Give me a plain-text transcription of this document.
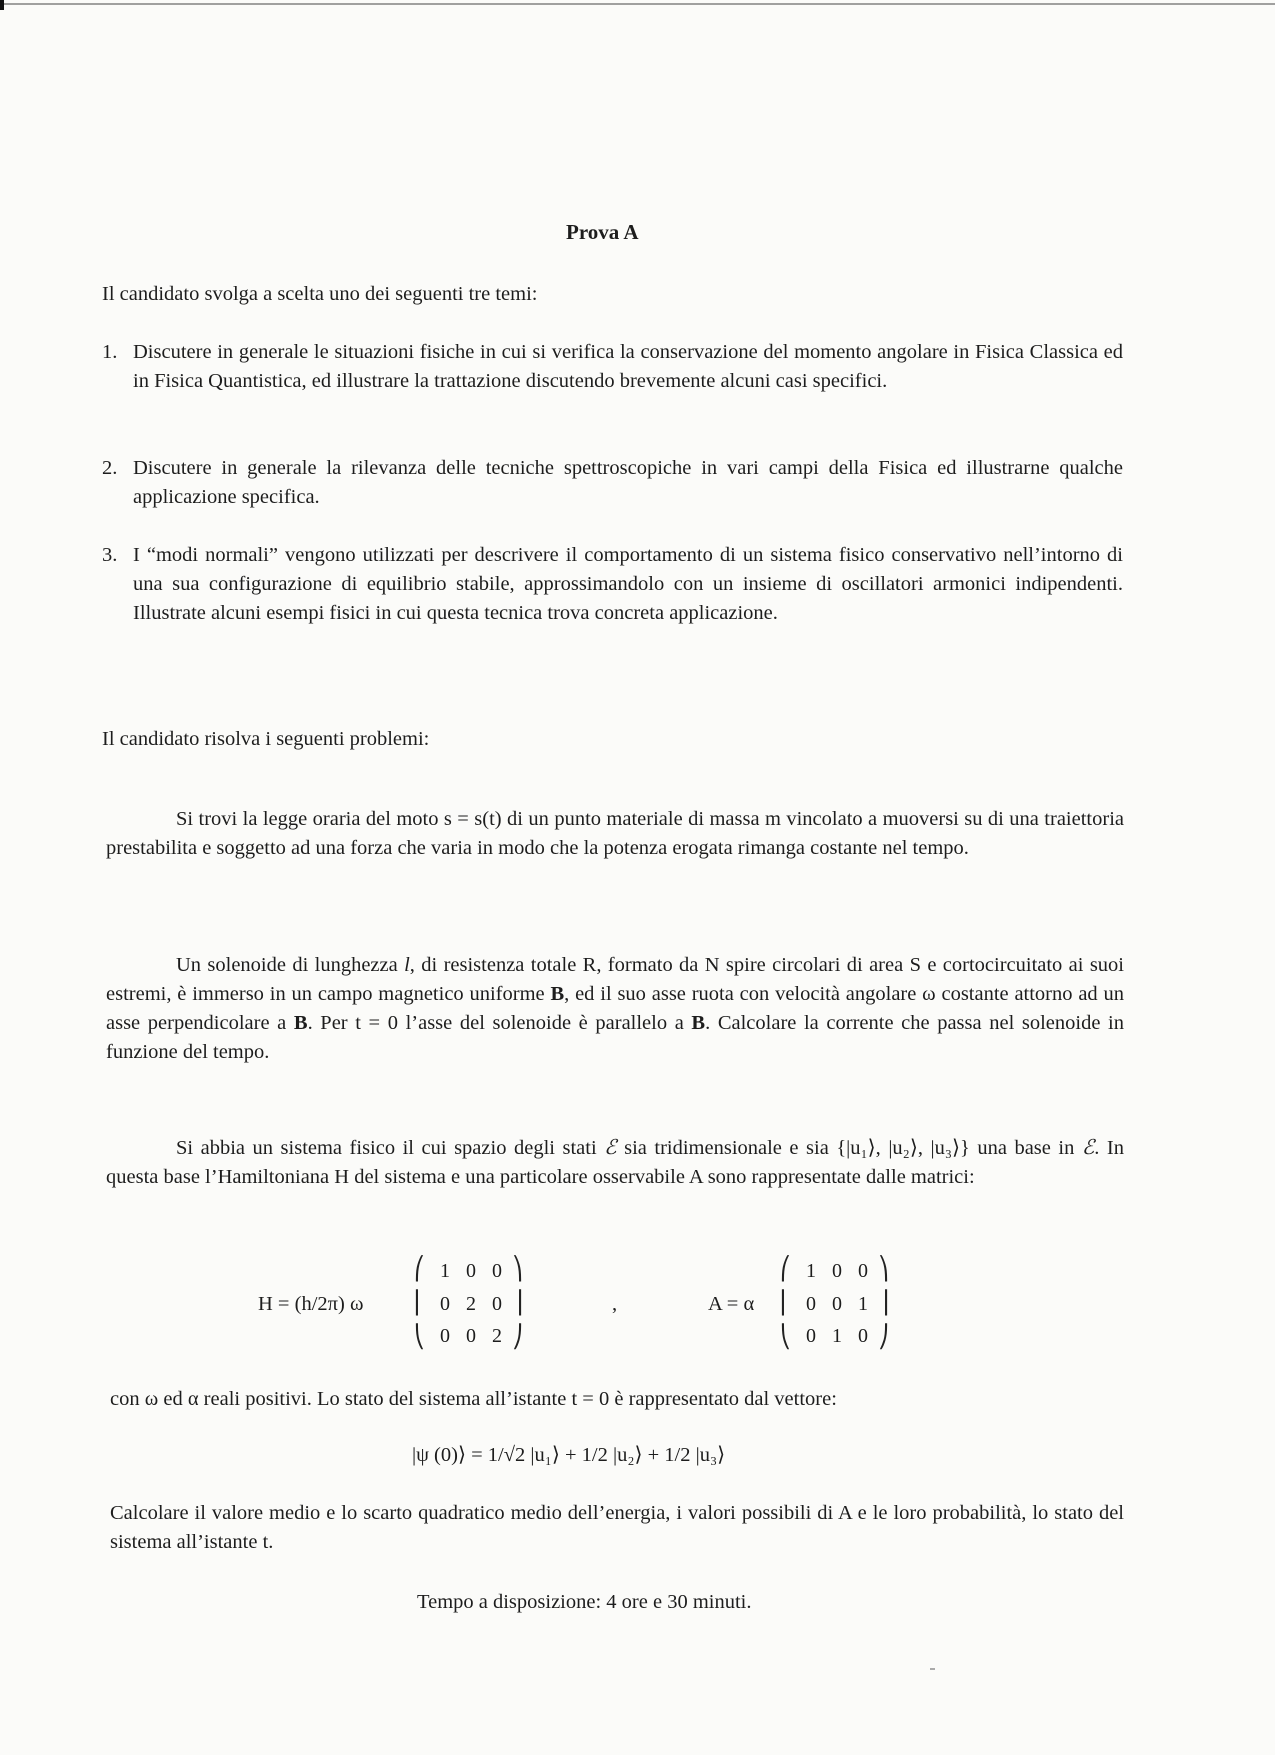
Prova A
Il candidato svolga a scelta uno dei seguenti tre temi:
1. Discutere in generale le situazioni fisiche in cui si verifica la conservazione del momento angolare in Fisica Classica ed in Fisica Quantistica, ed illustrare la trattazione discutendo brevemente alcuni casi specifici.
2. Discutere in generale la rilevanza delle tecniche spettroscopiche in vari campi della Fisica ed illustrarne qualche applicazione specifica.
3. I “modi normali” vengono utilizzati per descrivere il comportamento di un sistema fisico conservativo nell’intorno di una sua configurazione di equilibrio stabile, approssimandolo con un insieme di oscillatori armonici indipendenti. Illustrate alcuni esempi fisici in cui questa tecnica trova concreta applicazione.
Il candidato risolva i seguenti problemi:
Si trovi la legge oraria del moto s = s(t) di un punto materiale di massa m vincolato a muoversi su di una traiettoria prestabilita e soggetto ad una forza che varia in modo che la potenza erogata rimanga costante nel tempo.
Un solenoide di lunghezza l, di resistenza totale R, formato da N spire circolari di area S e cortocircuitato ai suoi estremi, è immerso in un campo magnetico uniforme B, ed il suo asse ruota con velocità angolare ω costante attorno ad un asse perpendicolare a B. Per t = 0 l’asse del solenoide è parallelo a B. Calcolare la corrente che passa nel solenoide in funzione del tempo.
Si abbia un sistema fisico il cui spazio degli stati ℰ sia tridimensionale e sia {|u₁⟩, |u₂⟩, |u₃⟩} una base in ℰ. In questa base l’Hamiltoniana H del sistema e una particolare osservabile A sono rappresentate dalle matrici:
H = (h/2π) ω
⎛
⎜
⎝
⎞
⎟
⎠
1 0 0
0 2 0
0 0 2
,	A = α
⎛
⎜
⎝
⎞
⎟
⎠
1 0 0
0 0 1
0 1 0
con ω ed α reali positivi. Lo stato del sistema all’istante t = 0 è rappresentato dal vettore:
|ψ (0)⟩ = 1/√2 |u₁⟩ + 1/2 |u₂⟩ + 1/2 |u₃⟩
Calcolare il valore medio e lo scarto quadratico medio dell’energia, i valori possibili di A e le loro probabilità, lo stato del sistema all’istante t.
Tempo a disposizione: 4 ore e 30 minuti.
